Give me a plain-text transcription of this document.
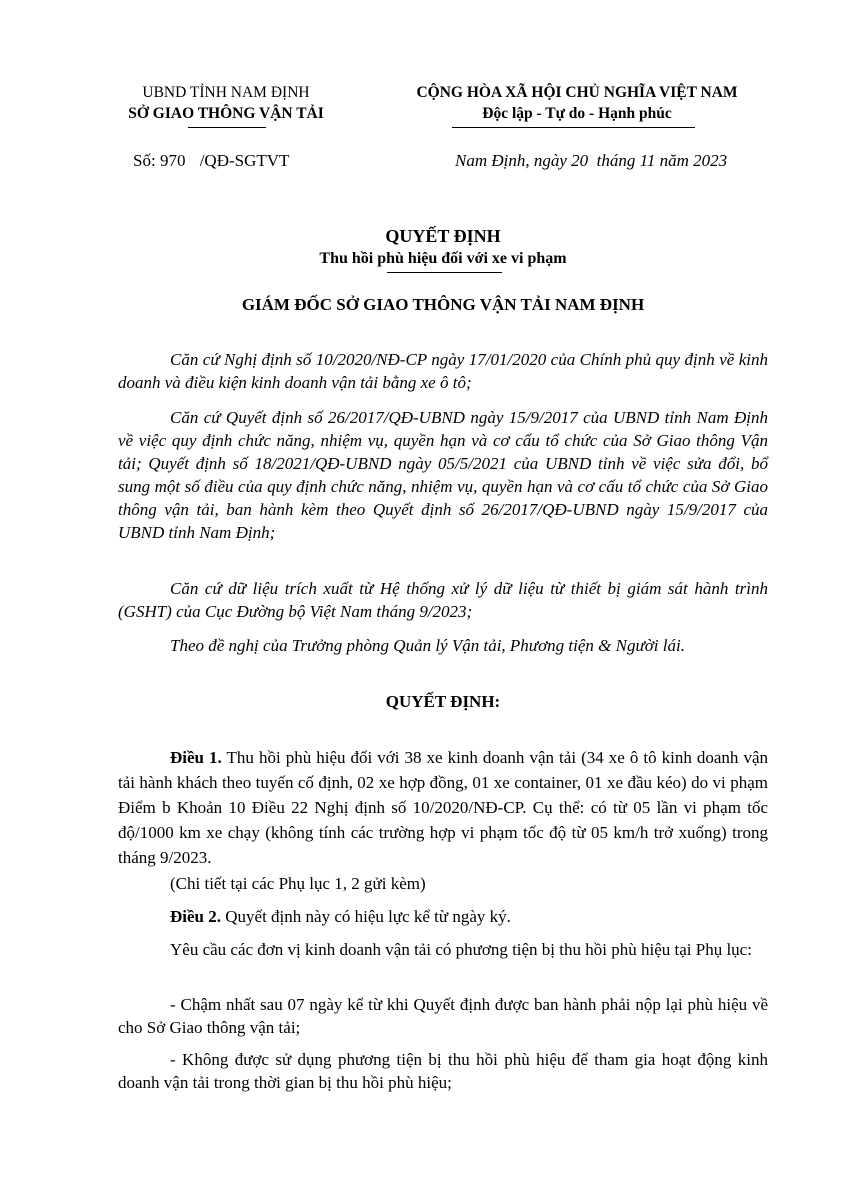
UBND TỈNH NAM ĐỊNH
SỞ GIAO THÔNG VẬN TẢI
CỘNG HÒA XÃ HỘI CHỦ NGHĨA VIỆT NAM
Độc lập - Tự do - Hạnh phúc
Số: 970 /QĐ-SGTVT	Nam Định, ngày 20  tháng 11 năm 2023
QUYẾT ĐỊNH
Thu hồi phù hiệu đối với xe vi phạm
GIÁM ĐỐC SỞ GIAO THÔNG VẬN TẢI NAM ĐỊNH
Căn cứ Nghị định số 10/2020/NĐ-CP ngày 17/01/2020 của Chính phủ quy định về kinh doanh và điều kiện kinh doanh vận tải bằng xe ô tô;
Căn cứ Quyết định số 26/2017/QĐ-UBND ngày 15/9/2017 của UBND tỉnh Nam Định về việc quy định chức năng, nhiệm vụ, quyền hạn và cơ cấu tổ chức của Sở Giao thông Vận tải; Quyết định số 18/2021/QĐ-UBND ngày 05/5/2021 của UBND tỉnh về việc sửa đổi, bổ sung một số điều của quy định chức năng, nhiệm vụ, quyền hạn và cơ cấu tổ chức của Sở Giao thông vận tải, ban hành kèm theo Quyết định số 26/2017/QĐ-UBND ngày 15/9/2017 của UBND tỉnh Nam Định;
Căn cứ dữ liệu trích xuất từ Hệ thống xử lý dữ liệu từ thiết bị giám sát hành trình (GSHT) của Cục Đường bộ Việt Nam tháng 9/2023;
Theo đề nghị của Trưởng phòng Quản lý Vận tải, Phương tiện & Người lái.
QUYẾT ĐỊNH:
Điều 1. Thu hồi phù hiệu đối với 38 xe kinh doanh vận tải (34 xe ô tô kinh doanh vận tải hành khách theo tuyến cố định, 02 xe hợp đồng, 01 xe container, 01 xe đầu kéo) do vi phạm Điểm b Khoản 10 Điều 22 Nghị định số 10/2020/NĐ-CP. Cụ thể: có từ 05 lần vi phạm tốc độ/1000 km xe chạy (không tính các trường hợp vi phạm tốc độ từ 05 km/h trở xuống) trong tháng 9/2023.
(Chi tiết tại các Phụ lục 1, 2 gửi kèm)
Điều 2. Quyết định này có hiệu lực kể từ ngày ký.
Yêu cầu các đơn vị kinh doanh vận tải có phương tiện bị thu hồi phù hiệu tại Phụ lục:
- Chậm nhất sau 07 ngày kể từ khi Quyết định được ban hành phải nộp lại phù hiệu về cho Sở Giao thông vận tải;
- Không được sử dụng phương tiện bị thu hồi phù hiệu để tham gia hoạt động kinh doanh vận tải trong thời gian bị thu hồi phù hiệu;
